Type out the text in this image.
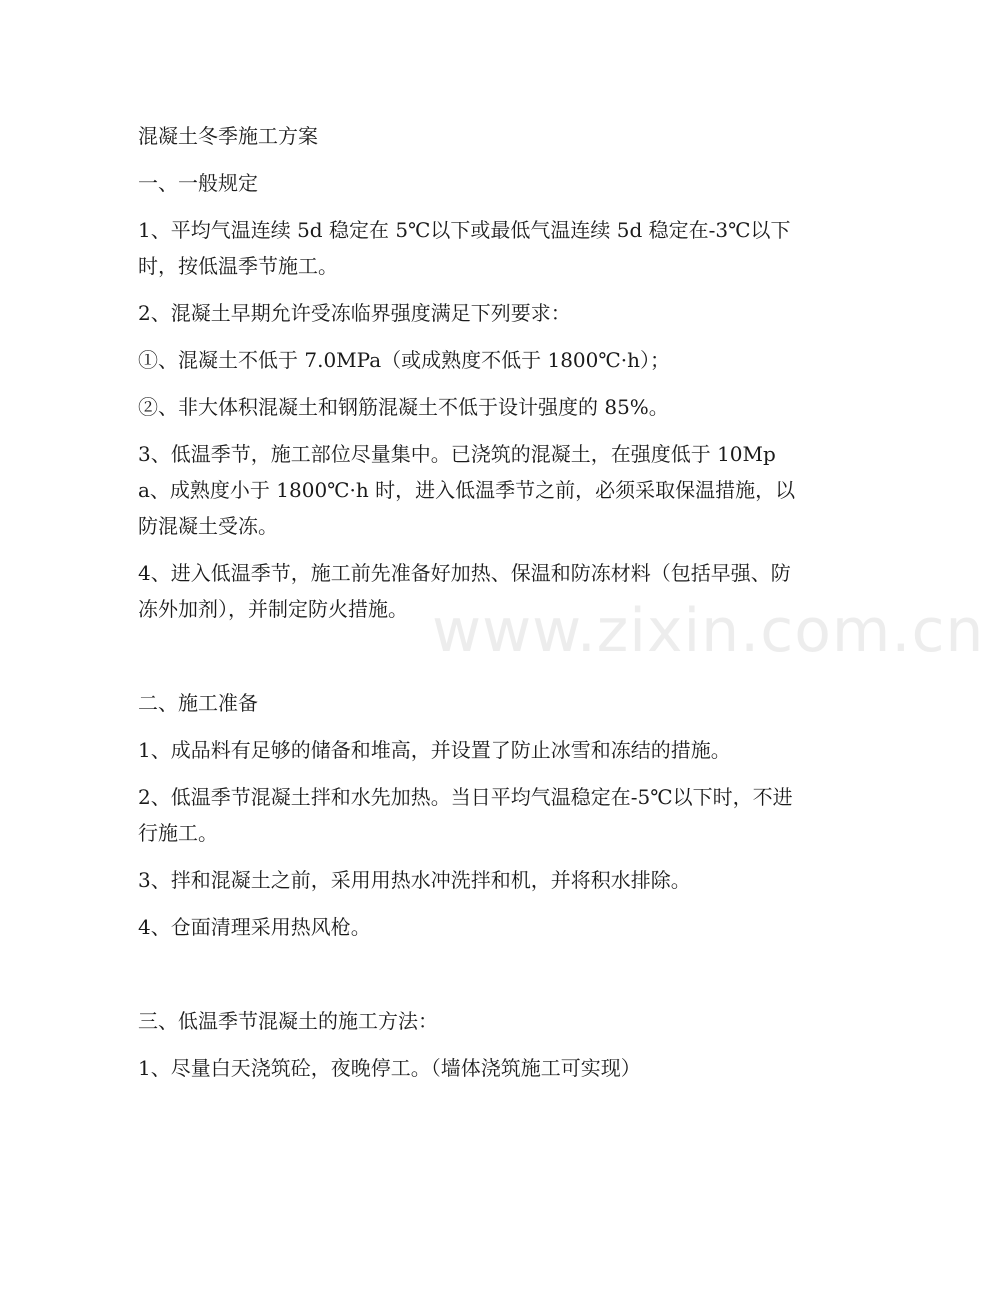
混凝土冬季施工方案

一、一般规定

1、平均气温连续 5d 稳定在 5℃以下或最低气温连续 5d 稳定在-3℃以下时，按低温季节施工。

2、混凝土早期允许受冻临界强度满足下列要求：

①、混凝土不低于 7.0MPa（或成熟度不低于 1800℃·h）；

②、非大体积混凝土和钢筋混凝土不低于设计强度的 85%。

3、低温季节，施工部位尽量集中。已浇筑的混凝土，在强度低于 10Mpa、成熟度小于 1800℃·h 时，进入低温季节之前，必须采取保温措施，以防混凝土受冻。

4、进入低温季节，施工前先准备好加热、保温和防冻材料（包括早强、防冻外加剂），并制定防火措施。

二、施工准备

1、成品料有足够的储备和堆高，并设置了防止冰雪和冻结的措施。

2、低温季节混凝土拌和水先加热。当日平均气温稳定在-5℃以下时，不进行施工。

3、拌和混凝土之前，采用用热水冲洗拌和机，并将积水排除。

4、仓面清理采用热风枪。

三、低温季节混凝土的施工方法：

1、尽量白天浇筑砼，夜晚停工。（墙体浇筑施工可实现）

www.zixin.com.cn
